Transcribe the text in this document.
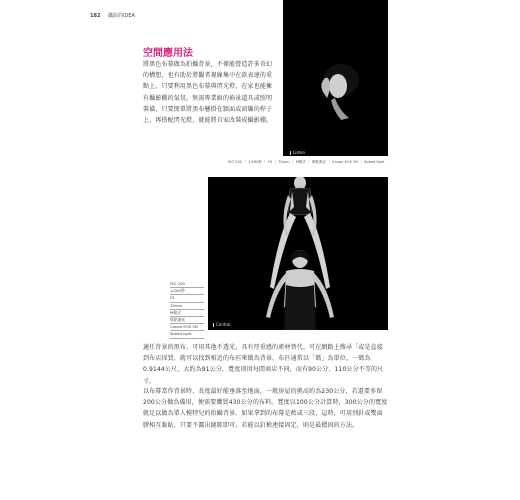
182 攝影的IDEA
空間應用法
將黑色布幕做為拍攝背景，不僅能營造許多奇幻的構想，也有助於將觀者視線集中在欲表達的重點上。只要利用黑色布幕與閃光燈，在家也能擁有攝影棚的氣氛。無需專業級的佈景道具或照明裝備，只要簡單將黑布懸掛在牆面或窗簾的桿子上，再搭配閃光燈，就能將自家改裝成攝影棚。
Listen
ISO 200 ｜ 1/160秒 ｜ F5 ｜ 70mm ｜ M模式 ｜ 單點測光 ｜ Canon EOS 5D ｜ Speed light
Control
ISO 200
1/160秒
F5
35mm
M模式
單點測光
Canon EOS 5D
Speed light
適任背景的黑布，可用其他不透光、具有厚重感的素材替代。可在網路上搜尋「或是直接到布店採買，就可以找到相近的布匹來做為背景。布匹通常以「碼」為單位，一碼為0.9144公尺，大約為91公分，寬度則因每間商店不同，而有90公分、110公分不等的尺寸。
以布幕當作背景時，長度最好能垂落至地面，一般房屋的挑高約為230公分，若還要多留200公分做為備用，便需要購買430公分的布料。寬度以100公分計算時，300公分的寬度就足以做為單人模特兒的拍攝背景。如果拿到的布幕是藍或三段，這時，可用別針或雙面膠相互黏貼，只要不露出縫隙即可。若能以釘槍連接固定，則是最穩固的方法。
